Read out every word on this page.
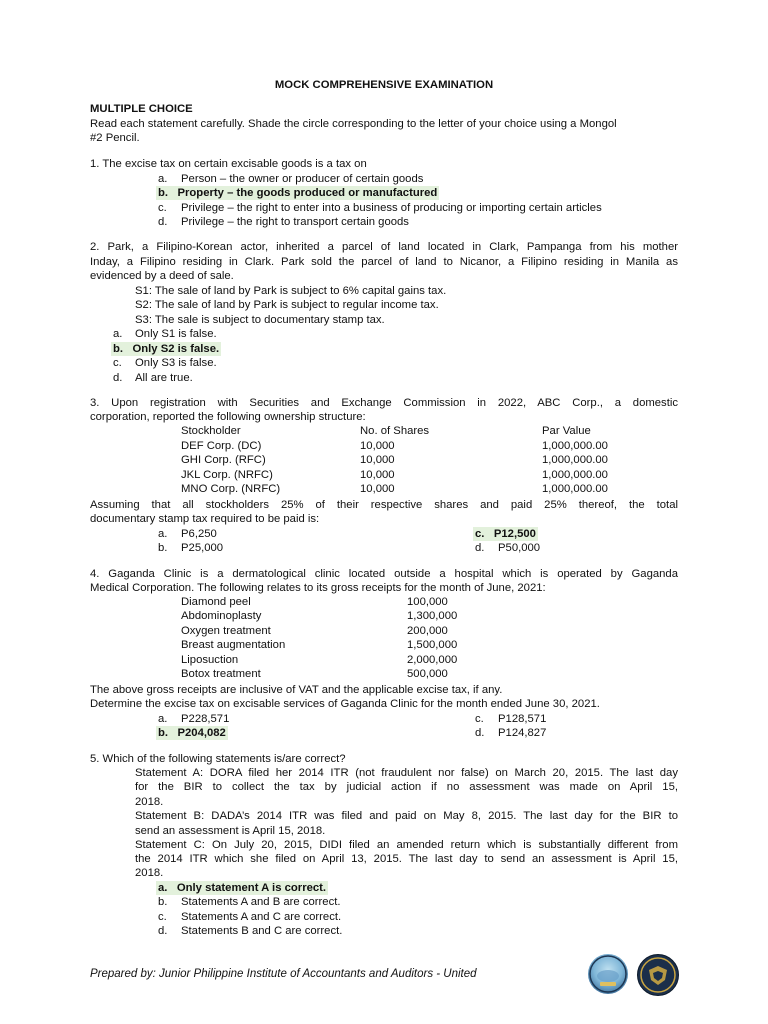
MOCK COMPREHENSIVE EXAMINATION
MULTIPLE CHOICE
Read each statement carefully. Shade the circle corresponding to the letter of your choice using a Mongol
#2 Pencil.
1. The excise tax on certain excisable goods is a tax on
a. Person – the owner or producer of certain goods
b. Property – the goods produced or manufactured
c. Privilege – the right to enter into a business of producing or importing certain articles
d. Privilege – the right to transport certain goods
2. Park, a Filipino-Korean actor, inherited a parcel of land located in Clark, Pampanga from his mother
Inday, a Filipino residing in Clark. Park sold the parcel of land to Nicanor, a Filipino residing in Manila as
evidenced by a deed of sale.
S1: The sale of land by Park is subject to 6% capital gains tax.
S2: The sale of land by Park is subject to regular income tax.
S3: The sale is subject to documentary stamp tax.
a. Only S1 is false.
b. Only S2 is false.
c. Only S3 is false.
d. All are true.
3. Upon registration with Securities and Exchange Commission in 2022, ABC Corp., a domestic
corporation, reported the following ownership structure:
Stockholder	No. of Shares	Par Value
DEF Corp. (DC)	10,000	1,000,000.00
GHI Corp. (RFC)	10,000	1,000,000.00
JKL Corp. (NRFC)	10,000	1,000,000.00
MNO Corp. (NRFC)	10,000	1,000,000.00
Assuming that all stockholders 25% of their respective shares and paid 25% thereof, the total
documentary stamp tax required to be paid is:
a. P6,250	c. P12,500
b. P25,000	d. P50,000
4. Gaganda Clinic is a dermatological clinic located outside a hospital which is operated by Gaganda
Medical Corporation. The following relates to its gross receipts for the month of June, 2021:
Diamond peel	100,000
Abdominoplasty	1,300,000
Oxygen treatment	200,000
Breast augmentation	1,500,000
Liposuction	2,000,000
Botox treatment	500,000
The above gross receipts are inclusive of VAT and the applicable excise tax, if any.
Determine the excise tax on excisable services of Gaganda Clinic for the month ended June 30, 2021.
a. P228,571	c. P128,571
b. P204,082	d. P124,827
5. Which of the following statements is/are correct?
Statement A: DORA filed her 2014 ITR (not fraudulent nor false) on March 20, 2015. The last day
for the BIR to collect the tax by judicial action if no assessment was made on April 15,
2018.
Statement B: DADA’s 2014 ITR was filed and paid on May 8, 2015. The last day for the BIR to
send an assessment is April 15, 2018.
Statement C: On July 20, 2015, DIDI filed an amended return which is substantially different from
the 2014 ITR which she filed on April 13, 2015. The last day to send an assessment is April 15,
2018.
a. Only statement A is correct.
b. Statements A and B are correct.
c. Statements A and C are correct.
d. Statements B and C are correct.
Prepared by: Junior Philippine Institute of Accountants and Auditors - United
